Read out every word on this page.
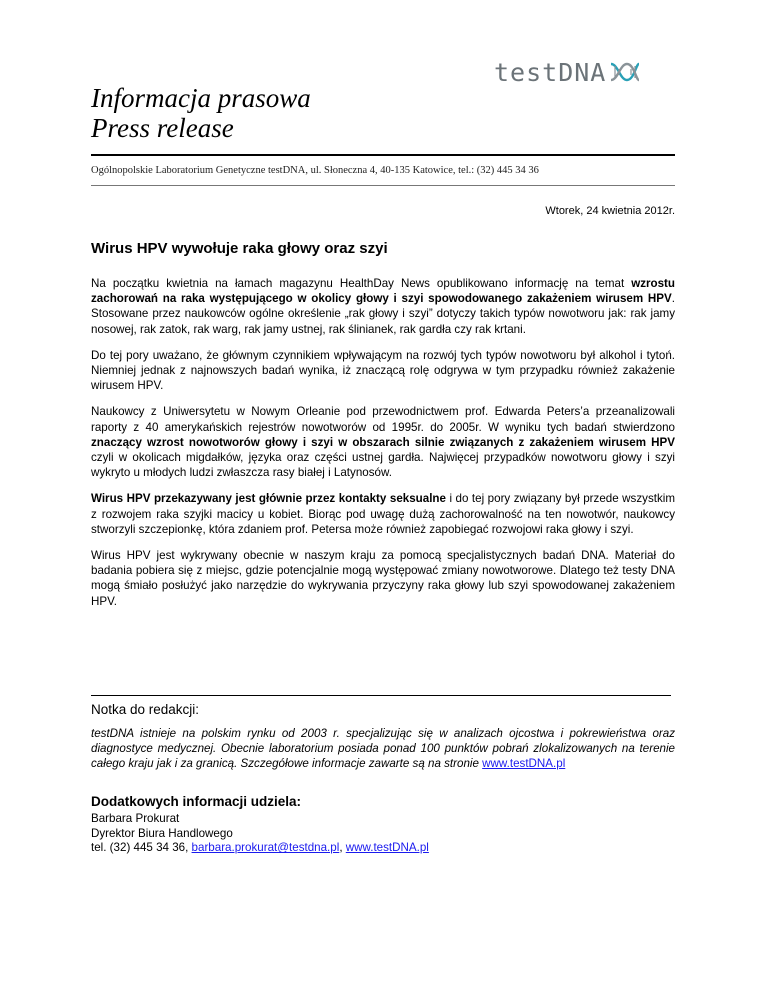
testDNA
Informacja prasowa
Press release
Ogólnopolskie Laboratorium Genetyczne testDNA, ul. Słoneczna 4, 40-135 Katowice, tel.: (32) 445 34 36
Wtorek, 24 kwietnia 2012r.
Wirus HPV wywołuje raka głowy oraz szyi

Na początku kwietnia na łamach magazynu HealthDay News opublikowano informację na temat wzrostu zachorowań na raka występującego w okolicy głowy i szyi spowodowanego zakażeniem wirusem HPV. Stosowane przez naukowców ogólne określenie „rak głowy i szyi” dotyczy takich typów nowotworu jak: rak jamy nosowej, rak zatok, rak warg, rak jamy ustnej, rak ślinianek, rak gardła czy rak krtani.

Do tej pory uważano, że głównym czynnikiem wpływającym na rozwój tych typów nowotworu był alkohol i tytoń. Niemniej jednak z najnowszych badań wynika, iż znaczącą rolę odgrywa w tym przypadku również zakażenie wirusem HPV.

Naukowcy z Uniwersytetu w Nowym Orleanie pod przewodnictwem prof. Edwarda Peters’a przeanalizowali raporty z 40 amerykańskich rejestrów nowotworów od 1995r. do 2005r. W wyniku tych badań stwierdzono znaczący wzrost nowotworów głowy i szyi w obszarach silnie związanych z zakażeniem wirusem HPV czyli w okolicach migdałków, języka oraz części ustnej gardła. Najwięcej przypadków nowotworu głowy i szyi wykryto u młodych ludzi zwłaszcza rasy białej i Latynosów.

Wirus HPV przekazywany jest głównie przez kontakty seksualne i do tej pory związany był przede wszystkim z rozwojem raka szyjki macicy u kobiet. Biorąc pod uwagę dużą zachorowalność na ten nowotwór, naukowcy stworzyli szczepionkę, która zdaniem prof. Petersa może również zapobiegać rozwojowi raka głowy i szyi.

Wirus HPV jest wykrywany obecnie w naszym kraju za pomocą specjalistycznych badań DNA. Materiał do badania pobiera się z miejsc, gdzie potencjalnie mogą występować zmiany nowotworowe. Dlatego też testy DNA mogą śmiało posłużyć jako narzędzie do wykrywania przyczyny raka głowy lub szyi spowodowanej zakażeniem HPV.

Notka do redakcji:
testDNA istnieje na polskim rynku od 2003 r. specjalizując się w analizach ojcostwa i pokrewieństwa oraz diagnostyce medycznej. Obecnie laboratorium posiada ponad 100 punktów pobrań zlokalizowanych na terenie całego kraju jak i za granicą. Szczegółowe informacje zawarte są na stronie www.testDNA.pl
Dodatkowych informacji udziela:
Barbara Prokurat
Dyrektor Biura Handlowego
tel. (32) 445 34 36, barbara.prokurat@testdna.pl, www.testDNA.pl
